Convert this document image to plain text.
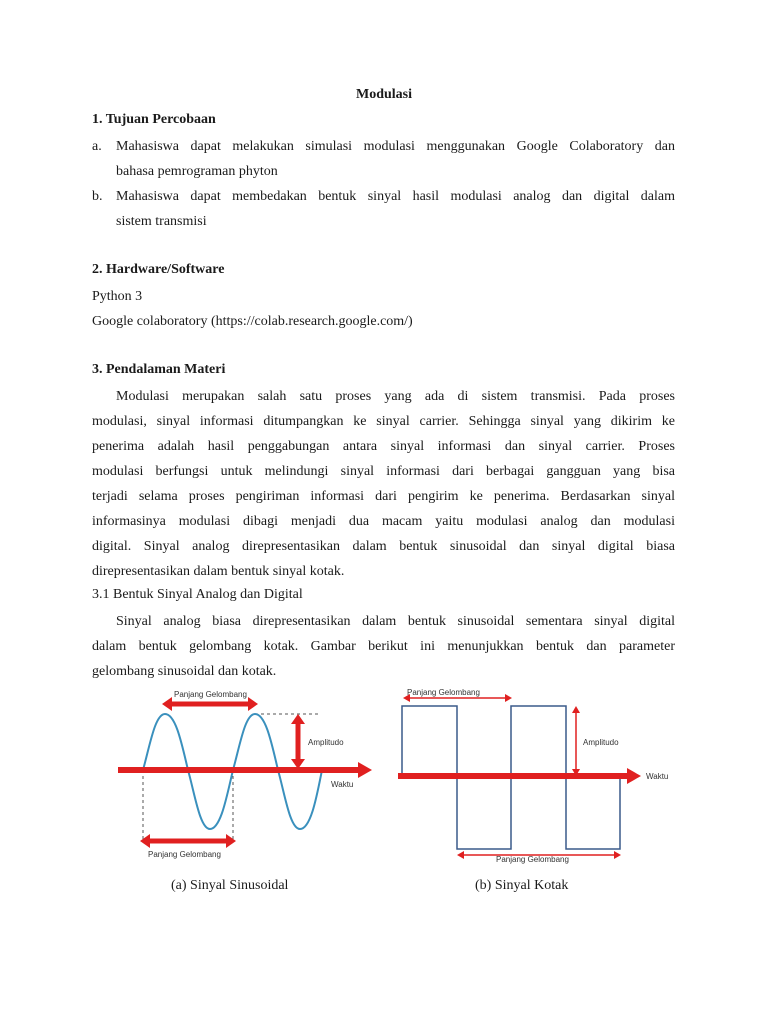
Modulasi
1. Tujuan Percobaan
a. Mahasiswa dapat melakukan simulasi modulasi menggunakan Google Colaboratory dan
bahasa pemrograman phyton
b. Mahasiswa dapat membedakan bentuk sinyal hasil modulasi analog dan digital dalam
sistem transmisi
2. Hardware/Software
Python 3
Google colaboratory (https://colab.research.google.com/)
3. Pendalaman Materi
Modulasi merupakan salah satu proses yang ada di sistem transmisi. Pada proses
modulasi, sinyal informasi ditumpangkan ke sinyal carrier. Sehingga sinyal yang dikirim ke
penerima adalah hasil penggabungan antara sinyal informasi dan sinyal carrier. Proses
modulasi berfungsi untuk melindungi sinyal informasi dari berbagai gangguan yang bisa
terjadi selama proses pengiriman informasi dari pengirim ke penerima. Berdasarkan sinyal
informasinya modulasi dibagi menjadi dua macam yaitu modulasi analog dan modulasi
digital. Sinyal analog direpresentasikan dalam bentuk sinusoidal dan sinyal digital biasa
direpresentasikan dalam bentuk sinyal kotak.
3.1 Bentuk Sinyal Analog dan Digital
Sinyal analog biasa direpresentasikan dalam bentuk sinusoidal sementara sinyal digital
dalam bentuk gelombang kotak. Gambar berikut ini menunjukkan bentuk dan parameter
gelombang sinusoidal dan kotak.
Panjang Gelombang
Amplitudo
Waktu
Panjang Gelombang
Panjang Gelombang
Amplitudo
Waktu
Panjang Gelombang
(a) Sinyal Sinusoidal	(b) Sinyal Kotak
